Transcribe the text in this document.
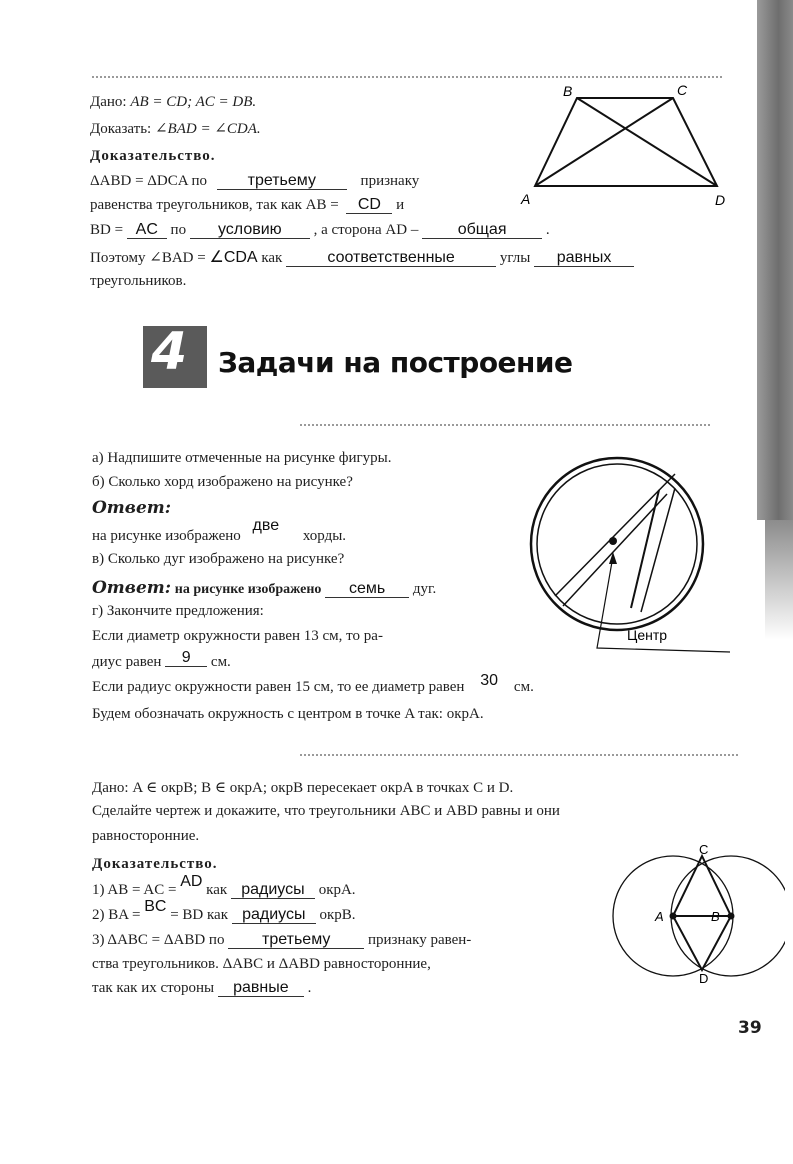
Дано: AB = CD; AC = DB.
Доказать: ∠BAD = ∠CDA.
Доказательство.
ΔABD = ΔDCA по	третьему	признаку
равенства треугольников, так как AB = CD и
BD = AC по условию , а сторона AD – общая	.
Поэтому ∠BAD = ∠CDA как	соответственные	углы равных
треугольников.
B	C
A	D
4 Задачи на построение
а) Надпишите отмеченные на рисунке фигуры.
б) Сколько хорд изображено на рисунке?
Ответ:
на рисунке изображено две хорды.
в) Сколько дуг изображено на рисунке?
Ответ: на рисунке изображено семь дуг.
г) Закончите предложения:
Если диаметр окружности равен 13 см, то ра-
диус равен 9 см.
Если радиус окружности равен 15 см, то ее диаметр равен 30 см.
Будем обозначать окружность с центром в точке A так: окрA.
Центр
Дано: A ∈ окрB; B ∈ окрA; окрB пересекает окрA в точках C и D.
Сделайте чертеж и докажите, что треугольники ABC и ABD равны и они
равносторонние.
Доказательство.
1) AB = AC = AD как радиусы окрA.
2) BA = BC = BD как радиусы окрB.
3) ΔABC = ΔABD по третьему	признаку равен-
ства треугольников. ΔABC и ΔABD равносторонние,
так как их стороны равные .
C
A	B
D
39
